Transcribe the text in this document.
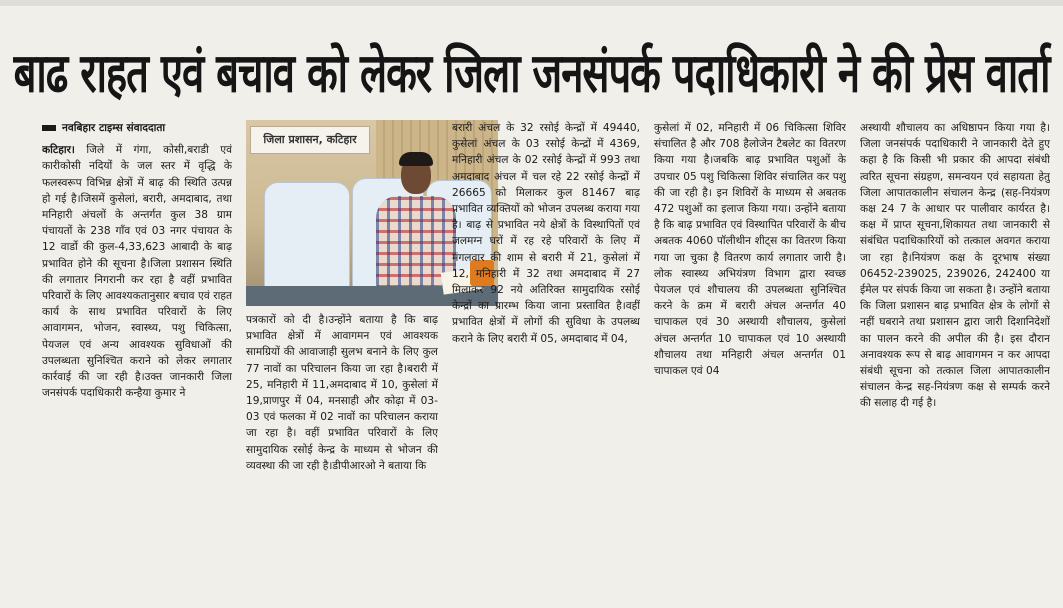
बाढ राहत एवं बचाव को लेकर जिला जनसंपर्क पदाधिकारी ने की प्रेस वार्ता
नवबिहार टाइम्स संवाददाता

कटिहार। जिले में गंगा, कोसी,बराडी एवं कारीकोसी नदियों के जल स्तर में वृद्धि के फलस्वरूप विभिन्न क्षेत्रों में बाढ़ की स्थिति उत्पन्न हो गई है।जिसमें कुसेलां, बरारी, अमदाबाद, तथा मनिहारी अंचलों के अन्तर्गत कुल 38 ग्राम पंचायतों के 238 गाँव एवं 03 नगर पंचायत के 12 वार्डो की कुल-4,33,623 आबादी के बाढ़ प्रभावित होने की सूचना है।जिला प्रशासन स्थिति की लगातार निगरानी कर रहा है वहीं प्रभावित परिवारों के लिए आवश्यकतानुसार बचाव एवं राहत कार्य के साथ प्रभावित परिवारों के लिए आवागमन, भोजन, स्वास्थ्य, पशु चिकित्सा, पेयजल एवं अन्य आवश्यक सुविधाओं की उपलब्धता सुनिश्चित कराने को लेकर लगातार कार्रवाई की जा रही है।उक्त जानकारी जिला जनसंपर्क पदाधिकारी कन्हैया कुमार ने

जिला प्रशासन, कटिहार

पत्रकारों को दी है।उन्होंने बताया है कि बाढ़ प्रभावित क्षेत्रों में आवागमन एवं आवश्यक सामग्रियों की आवाजाही सुलभ बनाने के लिए कुल 77 नावों का परिचालन किया जा रहा है।बरारी में 25, मनिहारी में 11,अमदाबाद में 10, कुसेलां में 19,प्राणपुर में 04, मनसाही और कोढ़ा में 03-03 एवं फलका में 02 नावों का परिचालन कराया जा रहा है। वहीं प्रभावित परिवारों के लिए सामुदायिक रसोई केन्द्र के माध्यम से भोजन की व्यवस्था की जा रही है।डीपीआरओ ने बताया कि

बरारी अंचल के 32 रसोई केन्द्रों में 49440, कुसेलां अंचल के 03 रसोई केन्द्रों में 4369, मनिहारी अंचल के 02 रसोई केन्द्रों में 993 तथा अमदाबाद अंचल में चल रहे 22 रसोई केन्द्रों में 26665 को मिलाकर कुल 81467 बाढ़ प्रभावित व्यक्तियों को भोजन उपलब्ध कराया गया है। बाढ़ से प्रभावित नये क्षेत्रों के विस्थापितों एवं जलमग्न घरों में रह रहे परिवारों के लिए में मंगलवार की शाम से बरारी में 21, कुसेलां में 12, मनिहारी में 32 तथा अमदाबाद में 27 मिलाकर 92 नये अतिरिक्त सामुदायिक रसोई केन्द्रों का प्रारम्भ किया जाना प्रस्तावित है।वहीं प्रभावित क्षेत्रों में लोगों की सुविधा के उपलब्ध कराने के लिए बरारी में 05, अमदाबाद में 04,

कुसेलां में 02, मनिहारी में 06 चिकित्सा शिविर संचालित है और 708 हैलोजेन टैबलेट का वितरण किया गया है।जबकि बाढ़ प्रभावित पशुओं के उपचार 05 पशु चिकित्सा शिविर संचालित कर पशु की जा रही है। इन शिविरों के माध्यम से अबतक 472 पशुओं का इलाज किया गया। उन्होंने बताया है कि बाढ़ प्रभावित एवं विस्थापित परिवारों के बीच अबतक 4060 पॉलीथीन शीट्स का वितरण किया गया जा चुका है वितरण कार्य लगातार जारी है। लोक स्वास्थ्य अभियंत्रण विभाग द्वारा स्वच्छ पेयजल एवं शौचालय की उपलब्धता सुनिश्चित करने के क्रम में बरारी अंचल अन्तर्गत 40 चापाकल एवं 30 अस्थायी शौचालय, कुसेलां अंचल अन्तर्गत 10 चापाकल एवं 10 अस्थायी शौचालय तथा मनिहारी अंचल अन्तर्गत 01 चापाकल एवं 04

अस्थायी शौचालय का अधिष्ठापन किया गया है।जिला जनसंपर्क पदाधिकारी ने जानकारी देते हुए कहा है कि किसी भी प्रकार की आपदा संबंधी त्वरित सूचना संग्रहण, समन्वयन एवं सहायता हेतु जिला आपातकालीन संचालन केन्द्र (सह-नियंत्रण कक्ष 24 7 के आधार पर पालीवार कार्यरत है। कक्ष में प्राप्त सूचना,शिकायत तथा जानकारी से संबंधित पदाधिकारियों को तत्काल अवगत कराया जा रहा है।नियंत्रण कक्ष के दूरभाष संख्या 06452-239025, 239026, 242400 या ईमेल पर संपर्क किया जा सकता है। उन्होंने बताया कि जिला प्रशासन बाढ़ प्रभावित क्षेत्र के लोगों से नहीं घबराने तथा प्रशासन द्वारा जारी दिशानिदेशों का पालन करने की अपील की है। इस दौरान अनावश्यक रूप से बाढ़ आवागमन न कर आपदा संबंधी सूचना को तत्काल जिला आपातकालीन संचालन केन्द्र सह-नियंत्रण कक्ष से सम्पर्क करने की सलाह दी गई है।
